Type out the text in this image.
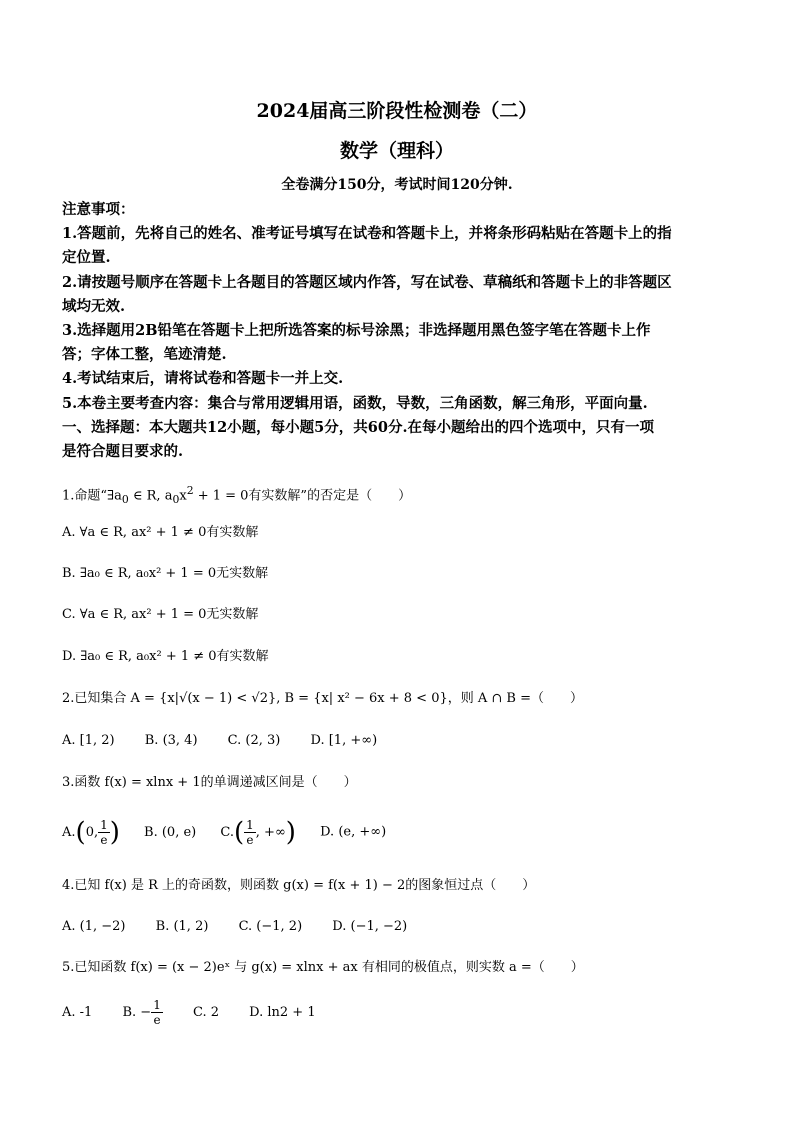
2024届高三阶段性检测卷（二）
数学（理科）
全卷满分150分，考试时间120分钟.
注意事项：
1.答题前，先将自己的姓名、准考证号填写在试卷和答题卡上，并将条形码粘贴在答题卡上的指
定位置.
2.请按题号顺序在答题卡上各题目的答题区域内作答，写在试卷、草稿纸和答题卡上的非答题区
域均无效.
3.选择题用2B铅笔在答题卡上把所选答案的标号涂黑；非选择题用黑色签字笔在答题卡上作
答；字体工整，笔迹清楚.
4.考试结束后，请将试卷和答题卡一并上交.
5.本卷主要考查内容：集合与常用逻辑用语，函数，导数，三角函数，解三角形，平面向量.
一、选择题：本大题共12小题，每小题5分，共60分.在每小题给出的四个选项中，只有一项
是符合题目要求的.
1.命题“$\exists a_0$ ∈ R, $a_0x^2 + 1 = 0$有实数解”的否定是（　　）
A. ∀a ∈ R, ax² + 1 ≠ 0有实数解
B. ∃a₀ ∈ R, a₀x² + 1 = 0无实数解
C. ∀a ∈ R, ax² + 1 = 0无实数解
D. ∃a₀ ∈ R, a₀x² + 1 ≠ 0有实数解
2.已知集合 A = {x|√(x − 1) < √2}, B = {x| x² − 6x + 8 < 0}，则 A ∩ B =（　　）
A. [1, 2) B. (3, 4) C. (2, 3) D. [1, +∞)
3.函数 f(x) = xlnx + 1的单调递减区间是（　　）
A.(0, $\frac{1}{e}$ ) B. (0, e) $C.( \frac{1}{e}$ , +∞) D. (e, +∞)
4.已知 f(x) 是 R 上的奇函数，则函数 g(x) = f(x + 1) − 2的图象恒过点（　　）
A. (1, −2) B. (1, 2) C. (−1, 2) D. (−1, −2)
5.已知函数 f(x) = (x − 2)eˣ 与 g(x) = xlnx + ax 有相同的极值点，则实数 a =（　　）
A. -1 B. − $\frac{1}{e} C$. 2 D. ln2 + 1
